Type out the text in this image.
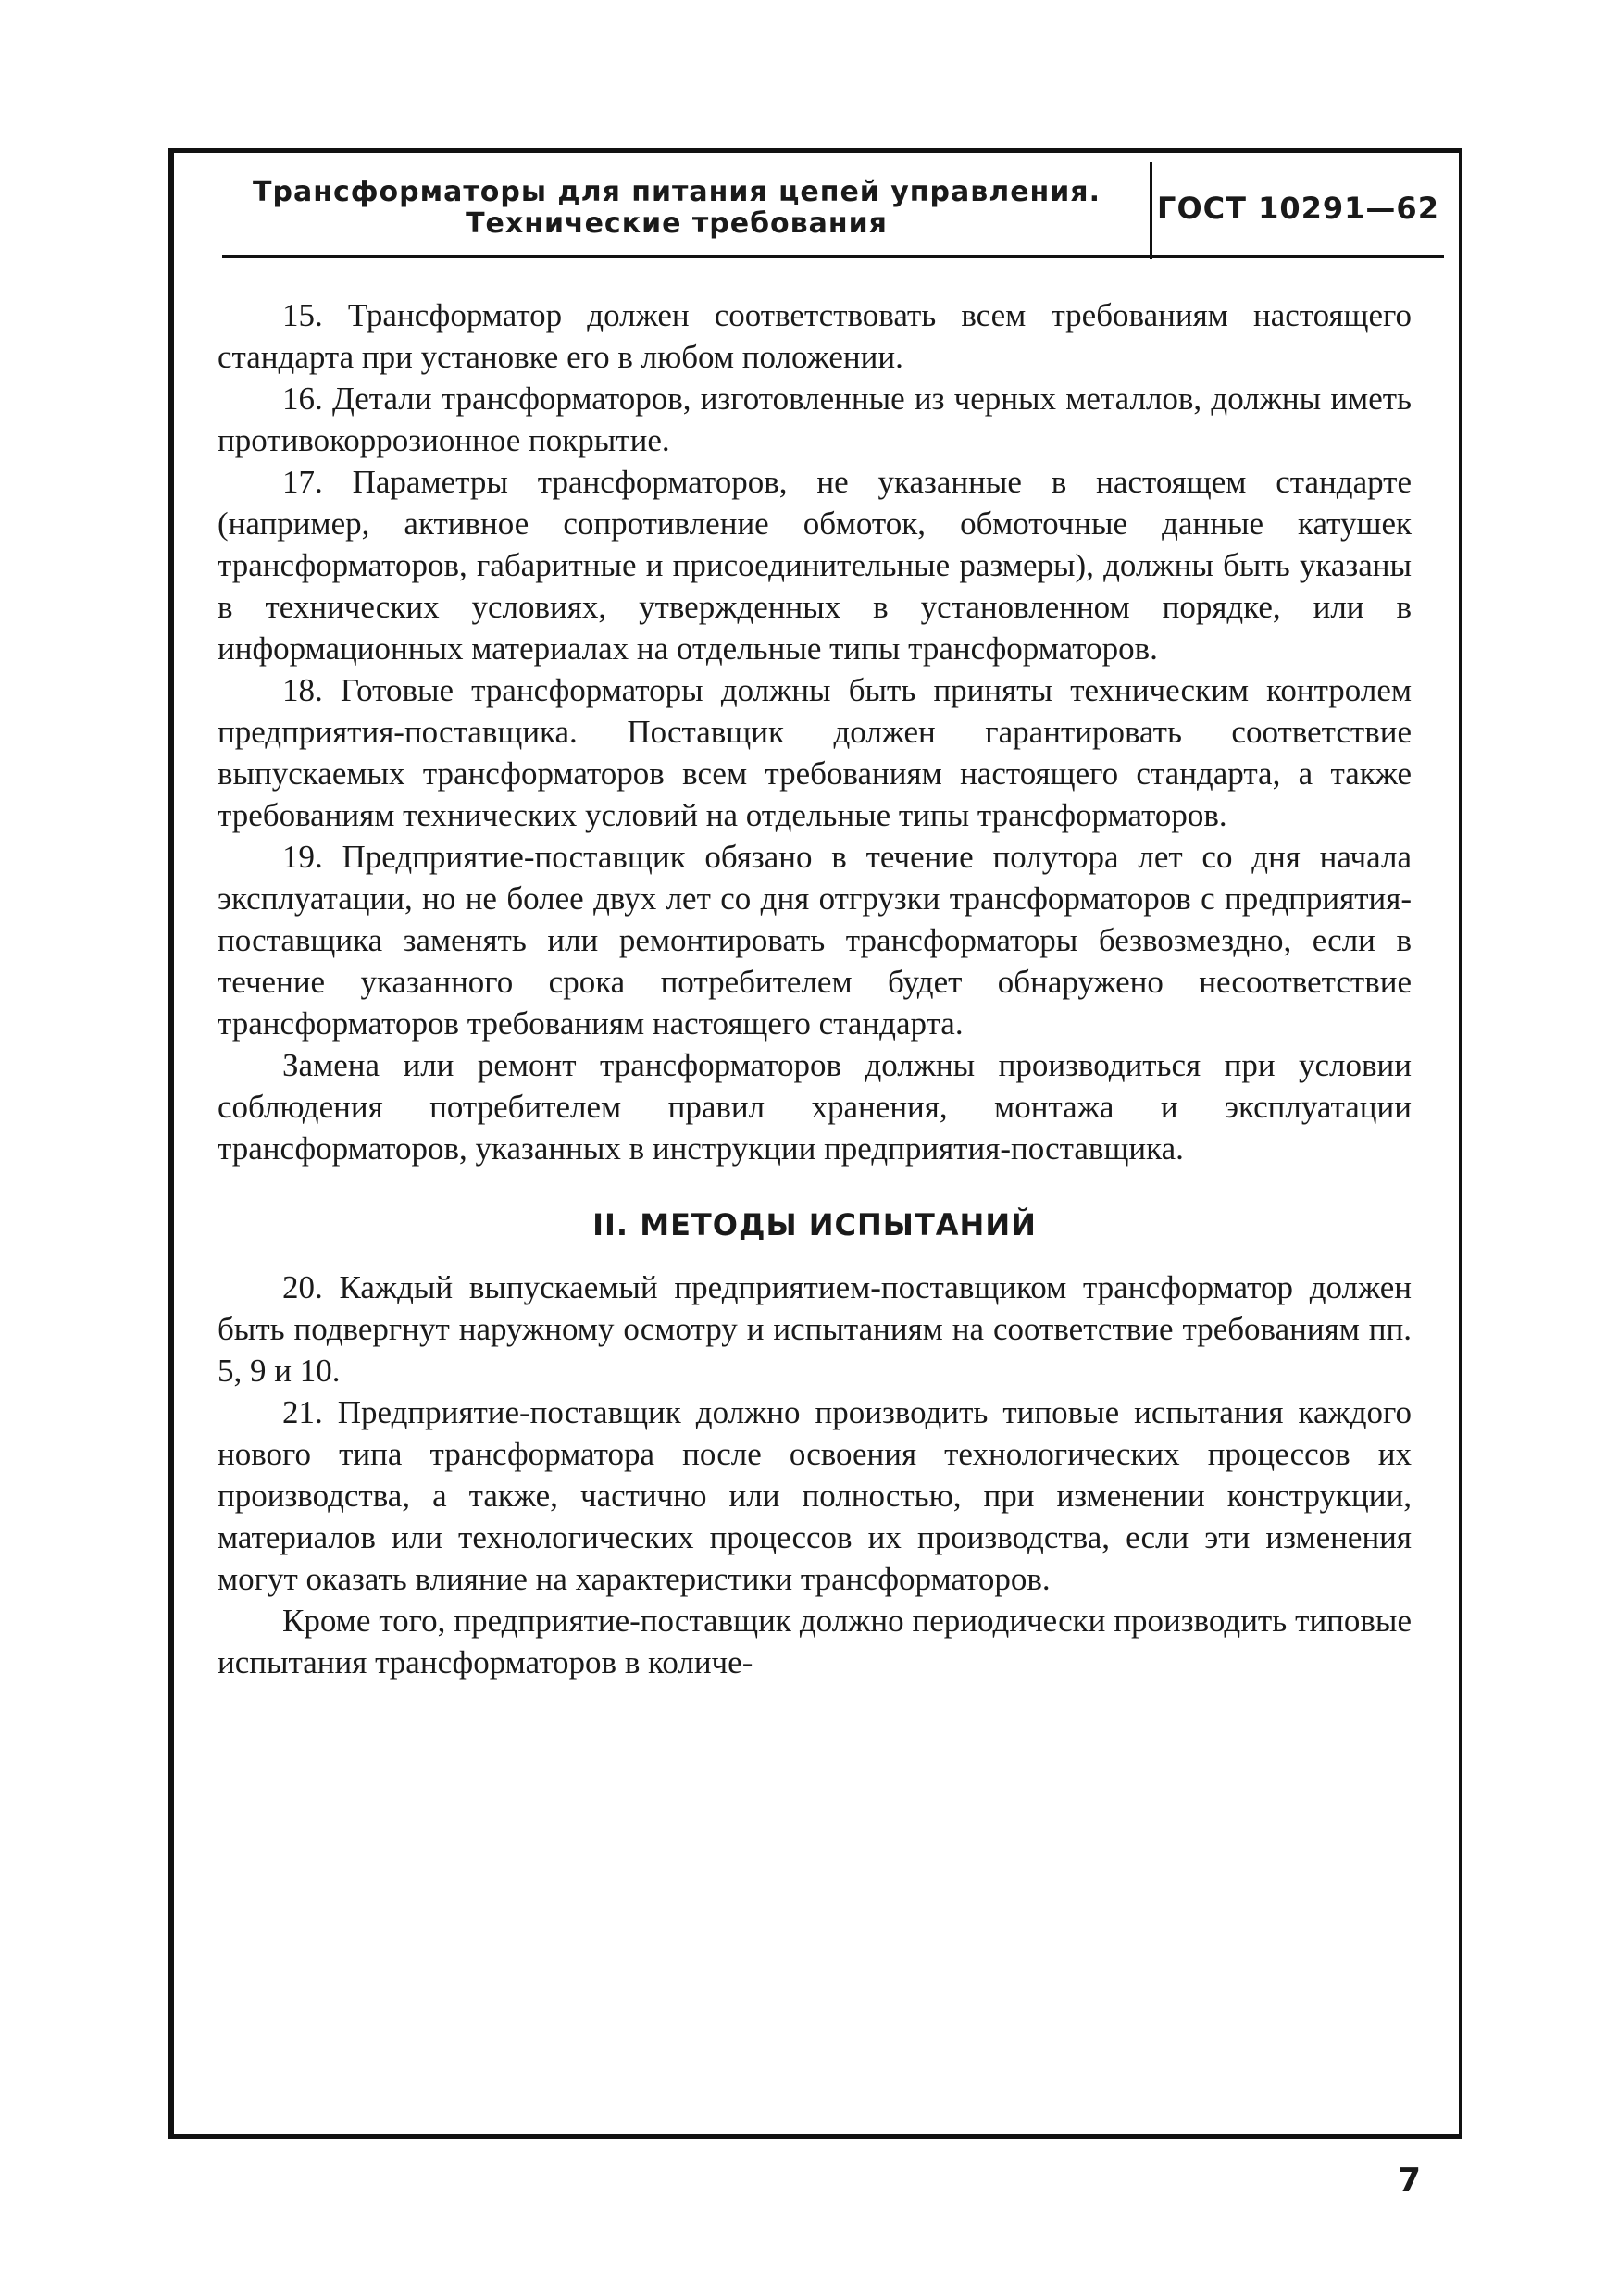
Трансформаторы для питания цепей управления.
Технические требования	ГОСТ 10291—62

15. Трансформатор должен соответствовать всем требованиям настоящего стандарта при установке его в любом положении.

16. Детали трансформаторов, изготовленные из черных металлов, должны иметь противокоррозионное покрытие.

17. Параметры трансформаторов, не указанные в настоящем стандарте (например, активное сопротивление обмоток, обмоточные данные катушек трансформаторов, габаритные и присоединительные размеры), должны быть указаны в технических условиях, утвержденных в установленном порядке, или в информационных материалах на отдельные типы трансформаторов.

18. Готовые трансформаторы должны быть приняты техническим контролем предприятия-поставщика. Поставщик должен гарантировать соответствие выпускаемых трансформаторов всем требованиям настоящего стандарта, а также требованиям технических условий на отдельные типы трансформаторов.

19. Предприятие-поставщик обязано в течение полутора лет со дня начала эксплуатации, но не более двух лет со дня отгрузки трансформаторов с предприятия-поставщика заменять или ремонтировать трансформаторы безвозмездно, если в течение указанного срока потребителем будет обнаружено несоответствие трансформаторов требованиям настоящего стандарта.

Замена или ремонт трансформаторов должны производиться при условии соблюдения потребителем правил хранения, монтажа и эксплуатации трансформаторов, указанных в инструкции предприятия-поставщика.

II. МЕТОДЫ ИСПЫТАНИЙ

20. Каждый выпускаемый предприятием-поставщиком трансформатор должен быть подвергнут наружному осмотру и испытаниям на соответствие требованиям пп. 5, 9 и 10.

21. Предприятие-поставщик должно производить типовые испытания каждого нового типа трансформатора после освоения технологических процессов их производства, а также, частично или полностью, при изменении конструкции, материалов или технологических процессов их производства, если эти изменения могут оказать влияние на характеристики трансформаторов.

Кроме того, предприятие-поставщик должно периодически производить типовые испытания трансформаторов в количе-

7
